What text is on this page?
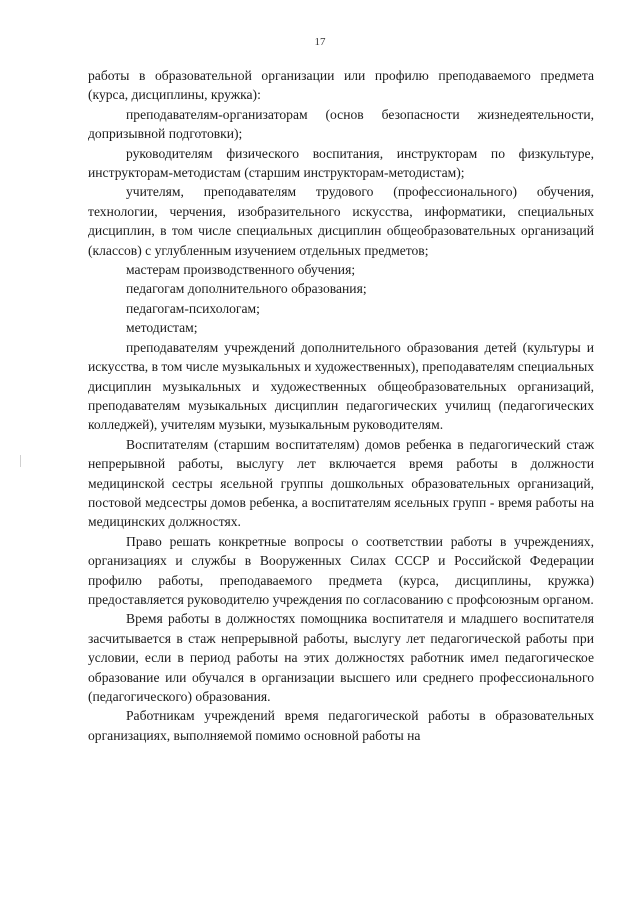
17

работы в образовательной организации или профилю преподаваемого предмета (курса, дисциплины, кружка):

преподавателям-организаторам (основ безопасности жизнедеятельности, допризывной подготовки);

руководителям физического воспитания, инструкторам по физкультуре, инструкторам-методистам (старшим инструкторам-методистам);

учителям, преподавателям трудового (профессионального) обучения, технологии, черчения, изобразительного искусства, информатики, специальных дисциплин, в том числе специальных дисциплин общеобразовательных организаций (классов) с углубленным изучением отдельных предметов;

мастерам производственного обучения;

педагогам дополнительного образования;

педагогам-психологам;

методистам;

преподавателям учреждений дополнительного образования детей (культуры и искусства, в том числе музыкальных и художественных), преподавателям специальных дисциплин музыкальных и художественных общеобразовательных организаций, преподавателям музыкальных дисциплин педагогических училищ (педагогических колледжей), учителям музыки, музыкальным руководителям.

Воспитателям (старшим воспитателям) домов ребенка в педагогический стаж непрерывной работы, выслугу лет включается время работы в должности медицинской сестры ясельной группы дошкольных образовательных организаций, постовой медсестры домов ребенка, а воспитателям ясельных групп - время работы на медицинских должностях.

Право решать конкретные вопросы о соответствии работы в учреждениях, организациях и службы в Вооруженных Силах СССР и Российской Федерации профилю работы, преподаваемого предмета (курса, дисциплины, кружка) предоставляется руководителю учреждения по согласованию с профсоюзным органом.

Время работы в должностях помощника воспитателя и младшего воспитателя засчитывается в стаж непрерывной работы, выслугу лет педагогической работы при условии, если в период работы на этих должностях работник имел педагогическое образование или обучался в организации высшего или среднего профессионального (педагогического) образования.

Работникам учреждений время педагогической работы в образовательных организациях, выполняемой помимо основной работы на
